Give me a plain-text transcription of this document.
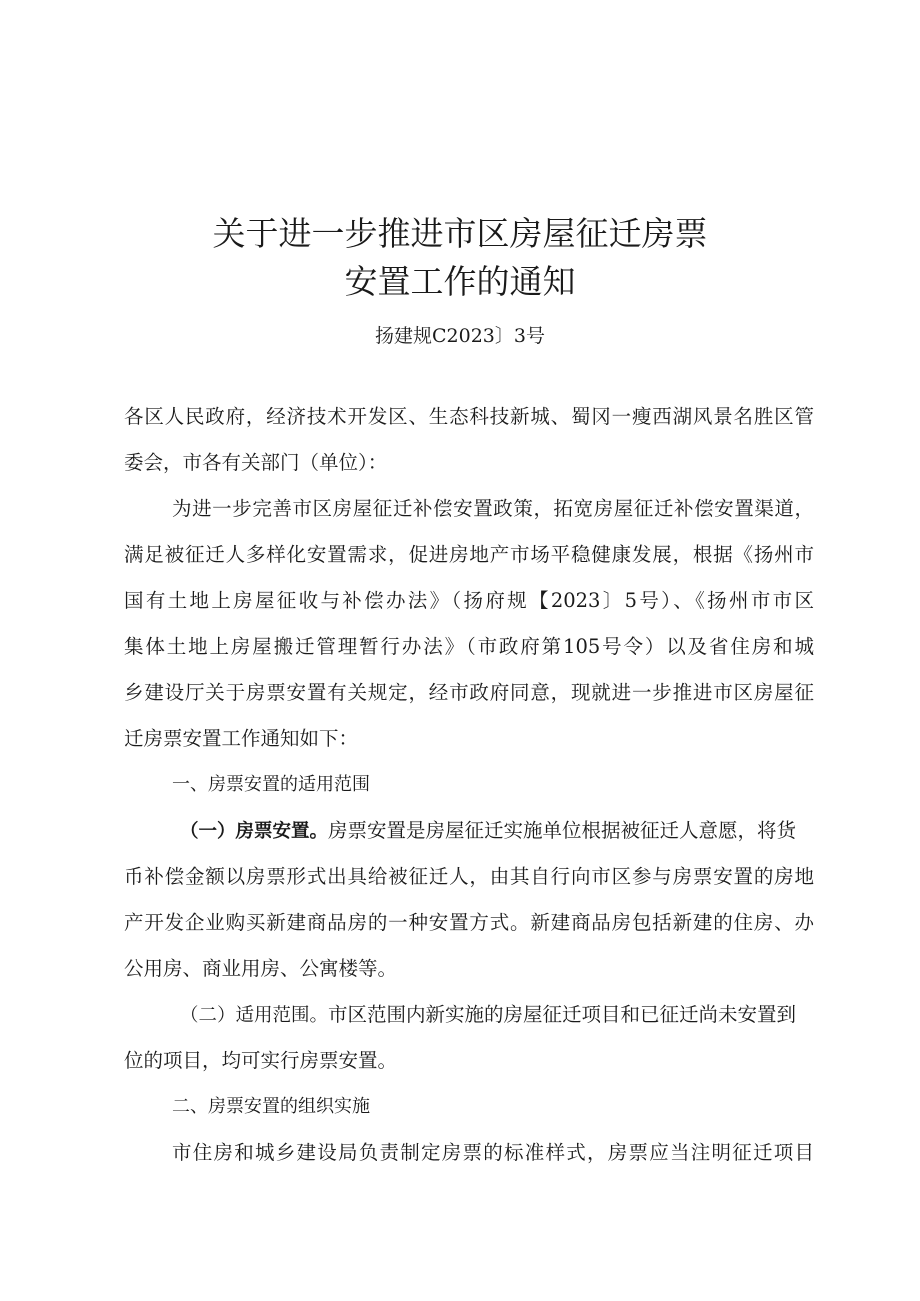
关于进一步推进市区房屋征迁房票
安置工作的通知
扬建规C2023〕3号
各区人民政府，经济技术开发区、生态科技新城、蜀冈一瘦西湖风景名胜区管
委会，市各有关部门（单位）：
为进一步完善市区房屋征迁补偿安置政策，拓宽房屋征迁补偿安置渠道，
满足被征迁人多样化安置需求，促进房地产市场平稳健康发展，根据《扬州市
国有土地上房屋征收与补偿办法》（扬府规【2023〕5号）、《扬州市市区
集体土地上房屋搬迁管理暂行办法》（市政府第105号令）以及省住房和城
乡建设厅关于房票安置有关规定，经市政府同意，现就进一步推进市区房屋征
迁房票安置工作通知如下：
一、房票安置的适用范围
（一）房票安置。房票安置是房屋征迁实施单位根据被征迁人意愿，将货
币补偿金额以房票形式出具给被征迁人，由其自行向市区参与房票安置的房地
产开发企业购买新建商品房的一种安置方式。新建商品房包括新建的住房、办
公用房、商业用房、公寓楼等。
（二）适用范围。市区范围内新实施的房屋征迁项目和已征迁尚未安置到
位的项目，均可实行房票安置。
二、房票安置的组织实施
市住房和城乡建设局负责制定房票的标准样式，房票应当注明征迁项目
